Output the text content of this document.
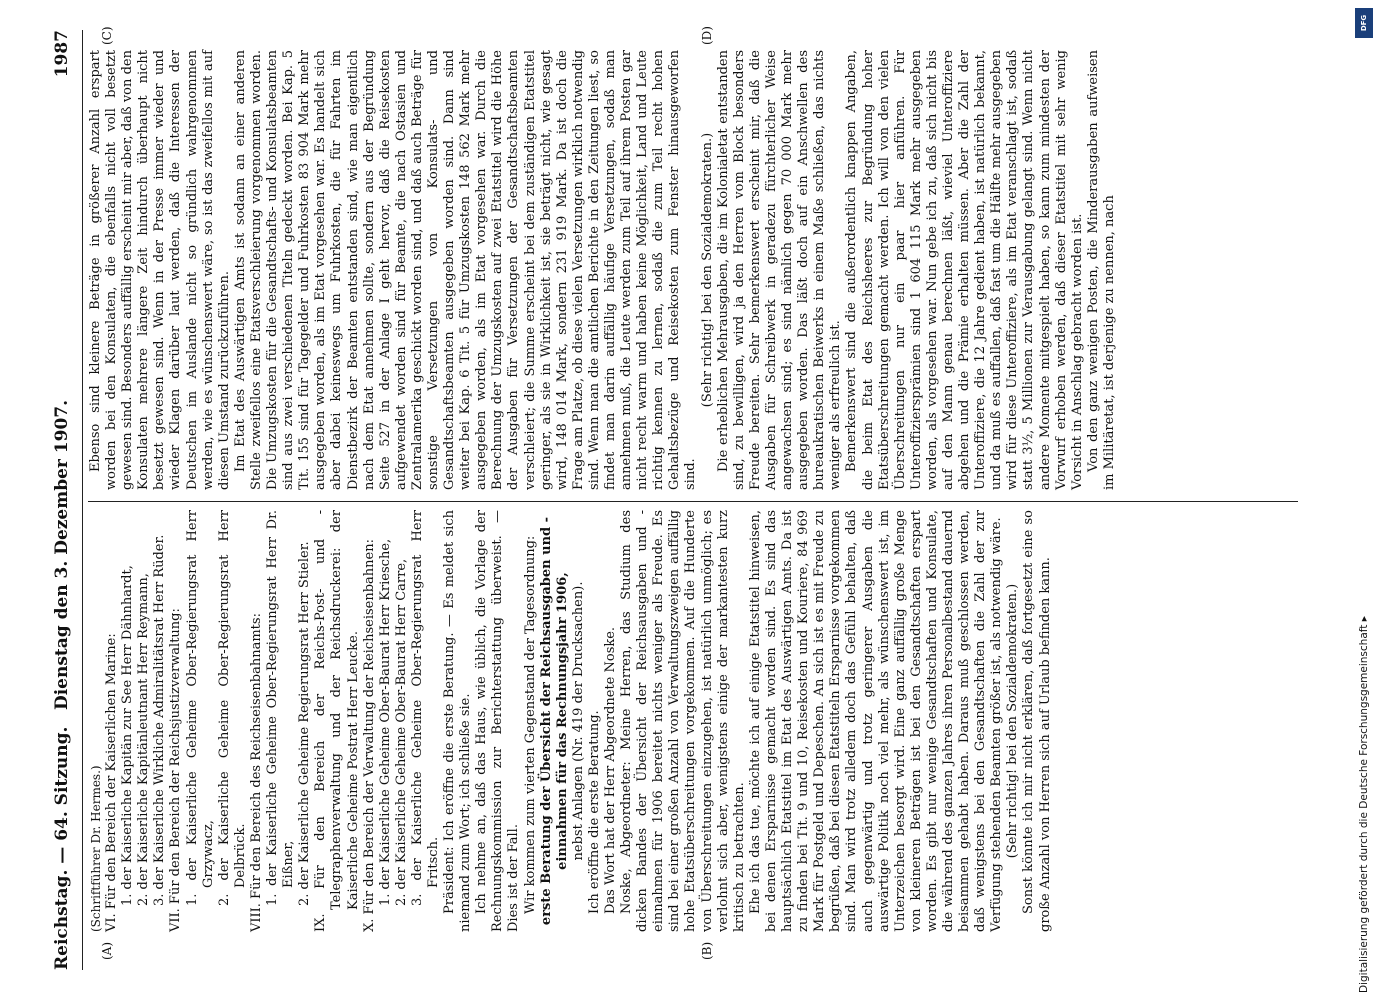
Reichstag. — 64. Sitzung.
Dienstag den 3. Dezember 1907.
1987
(A)	(B)
(C)	(D)

(Schriftführer Dr. Hermes.) VI. Für den Bereich der Kaiserlichen Marine: 1. der Kaiserliche Kapitän zur See Herr Dähnhardt, 2. der Kaiserliche Kapitänleutnant Herr Reymann, 3. der Kaiserliche Wirkliche Admiralitätsrat Herr Rüder. VII. Für den Bereich der Reichsjustizverwaltung: 1. der Kaiserliche Geheime Ober-Regierungsrat Herr Grzywacz, 2. der Kaiserliche Geheime Ober-Regierungsrat Herr Delbrück. VIII. Für den Bereich des Reichseisenbahnamts: 1. der Kaiserliche Geheime Ober-Regierungsrat Herr Dr. Eißner, 2. der Kaiserliche Geheime Regierungsrat Herr Stieler. IX. Für den Bereich der Reichs-Post- und -Telegraphenverwaltung und der Reichsdruckerei: der Kaiserliche Geheime Postrat Herr Leucke. X. Für den Bereich der Verwaltung der Reichseisenbahnen: 1. der Kaiserliche Geheime Ober-Baurat Herr Kriesche, 2. der Kaiserliche Geheime Ober-Baurat Herr Carre, 3. der Kaiserliche Geheime Ober-Regierungsrat Herr Fritsch. Präsident: Ich eröffne die erste Beratung. — Es meldet sich niemand zum Wort; ich schließe sie. Ich nehme an, daß das Haus, wie üblich, die Vorlage der Rechnungskommission zur Berichterstattung überweist. — Dies ist der Fall. Wir kommen zum vierten Gegenstand der Tagesordnung: erste Beratung der Übersicht der Reichsausgaben und -einnahmen für das Rechnungsjahr 1906, nebst Anlagen (Nr. 419 der Drucksachen). Ich eröffne die erste Beratung. Das Wort hat der Herr Abgeordnete Noske. Noske, Abgeordneter: Meine Herren, das Studium des dicken Bandes der Übersicht der Reichsausgaben und -einnahmen für 1906 bereitet nichts weniger als Freude. Es sind bei einer großen Anzahl von Verwaltungszweigen auffällig hohe Etatsüberschreitungen vorgekommen. Auf die Hunderte von Überschreitungen einzugehen, ist natürlich unmöglich; es verlohnt sich aber, wenigstens einige der markantesten kurz kritisch zu betrachten. Ehe ich das tue, möchte ich auf einige Etatstitel hinweisen, bei denen Ersparnisse gemacht worden sind. Es sind das hauptsächlich Etatstitel im Etat des Auswärtigen Amts. Da ist zu finden bei Tit. 9 und 10, Reisekosten und Kouriere, 84 969 Mark für Postgeld und Depeschen. An sich ist es mit Freude zu begrüßen, daß bei diesen Etatstiteln Ersparnisse vorgekommen sind. Man wird trotz alledem doch das Gefühl behalten, daß auch gegenwärtig und trotz geringerer Ausgaben die auswärtige Politik noch viel mehr, als wünschenswert ist, im Unterzeichen besorgt wird. Eine ganz auffällig große Menge von kleineren Beträgen ist bei den Gesandtschaften erspart worden. Es gibt nur wenige Gesandtschaften und Konsulate, die während des ganzen Jahres ihren Personalbestand dauernd beisammen gehabt haben. Daraus muß geschlossen werden, daß wenigstens bei den Gesandtschaften die Zahl der zur Verfügung stehenden Beamten größer ist, als notwendig wäre. (Sehr richtig! bei den Sozialdemokraten.) Sonst könnte ich mir nicht erklären, daß fortgesetzt eine so große Anzahl von Herren sich auf Urlaub befinden kann.

Ebenso sind kleinere Beträge in größerer Anzahl erspart worden bei den Konsulaten, die ebenfalls nicht voll besetzt gewesen sind. Besonders auffällig erscheint mir aber, daß von den Konsulaten mehrere längere Zeit hindurch überhaupt nicht besetzt gewesen sind. Wenn in der Presse immer wieder und wieder Klagen darüber laut werden, daß die Interessen der Deutschen im Auslande nicht so gründlich wahrgenommen werden, wie es wünschenswert wäre, so ist das zweifellos mit auf diesen Umstand zurückzuführen. Im Etat des Auswärtigen Amts ist sodann an einer anderen Stelle zweifellos eine Etatsverschleierung vorgenommen worden. Die Umzugskosten für die Gesandtschafts- und Konsulatsbeamten sind aus zwei verschiedenen Titeln gedeckt worden. Bei Kap. 5 Tit. 155 sind für Tagegelder und Fuhrkosten 83 904 Mark mehr ausgegeben worden, als im Etat vorgesehen war. Es handelt sich aber dabei keineswegs um Fuhrkosten, die für Fahrten im Dienstbezirk der Beamten entstanden sind, wie man eigentlich nach dem Etat annehmen sollte, sondern aus der Begründung Seite 527 in der Anlage I geht hervor, daß die Reisekosten aufgewendet worden sind für Beamte, die nach Ostasien und Zentralamerika geschickt worden sind, und daß auch Beträge für sonstige Versetzungen von Konsulats- und Gesandtschaftsbeamten ausgegeben worden sind. Dann sind weiter bei Kap. 6 Tit. 5 für Umzugskosten 148 562 Mark mehr ausgegeben worden, als im Etat vorgesehen war. Durch die Berechnung der Umzugskosten auf zwei Etatstitel wird die Höhe der Ausgaben für Versetzungen der Gesandtschaftsbeamten verschleiert; die Summe erscheint bei dem zuständigen Etatstitel geringer, als sie in Wirklichkeit ist, sie beträgt nicht, wie gesagt wird, 148 014 Mark, sondern 231 919 Mark. Da ist doch die Frage am Platze, ob diese vielen Versetzungen wirklich notwendig sind. Wenn man die amtlichen Berichte in den Zeitungen liest, so findet man darin auffällig häufige Versetzungen, sodaß man annehmen muß, die Leute werden zum Teil auf ihrem Posten gar nicht recht warm und haben keine Möglichkeit, Land und Leute richtig kennen zu lernen, sodaß die zum Teil recht hohen Gehaltsbezüge und Reisekosten zum Fenster hinausgeworfen sind.

(Sehr richtig! bei den Sozialdemokraten.) Die erheblichen Mehrausgaben, die im Kolonialetat entstanden sind, zu bewilligen, wird ja den Herren vom Block besonders Freude bereiten. Sehr bemerkenswert erscheint mir, daß die Ausgaben für Schreibwerk in geradezu fürchterlicher Weise angewachsen sind; es sind nämlich gegen 70 000 Mark mehr ausgegeben worden. Das läßt doch auf ein Anschwellen des bureaukratischen Beiwerks in einem Maße schließen, das nichts weniger als erfreulich ist. Bemerkenswert sind die außerordentlich knappen Angaben, die beim Etat des Reichsheeres zur Begründung hoher Etatsüberschreitungen gemacht werden. Ich will von den vielen Überschreitungen nur ein paar hier anführen. Für Unteroffiziersprämien sind 1 604 115 Mark mehr ausgegeben worden, als vorgesehen war. Nun gebe ich zu, daß sich nicht bis auf den Mann genau berechnen läßt, wieviel Unteroffiziere abgehen und die Prämie erhalten müssen. Aber die Zahl der Unteroffiziere, die 12 Jahre gedient haben, ist natürlich bekannt, und da muß es auffallen, daß fast um die Hälfte mehr ausgegeben wird für diese Unteroffiziere, als im Etat veranschlagt ist, sodaß statt 3½, 5 Millionen zur Verausgabung gelangt sind. Wenn nicht andere Momente mitgespielt haben, so kann zum mindesten der Vorwurf erhoben werden, daß dieser Etatstitel mit sehr wenig Vorsicht in Anschlag gebracht worden ist. Von den ganz wenigen Posten, die Minderausgaben aufweisen im Militäretat, ist derjenige zu nennen, nach

Digitalisierung gefördert durch die Deutsche Forschungsgemeinschaft ▸
DFG
